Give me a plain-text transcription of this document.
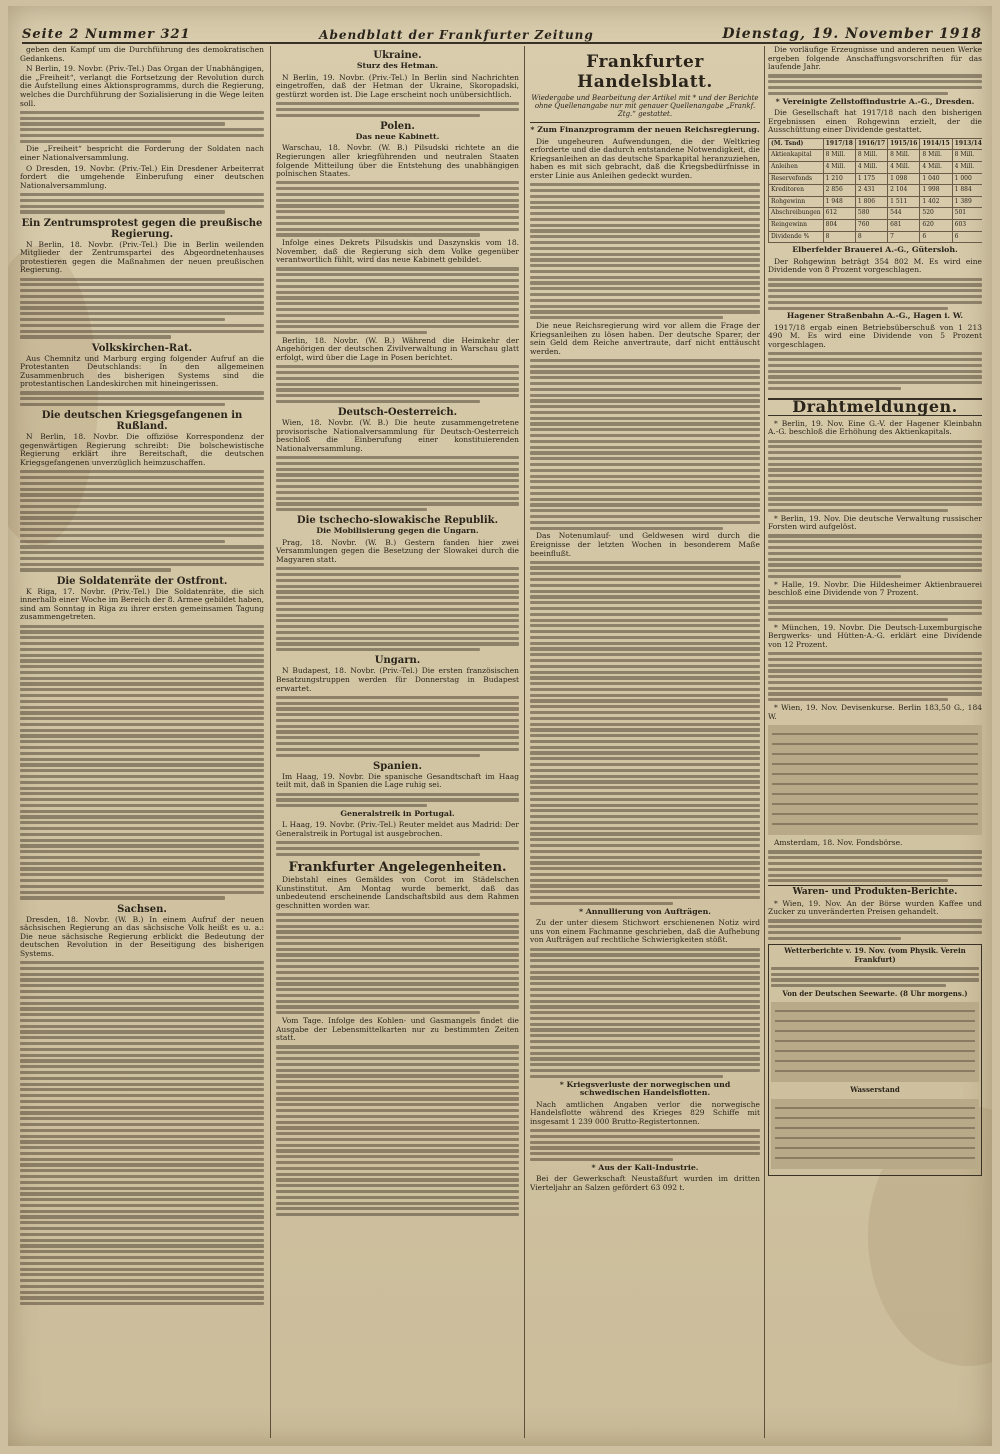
Seite 2 Nummer 321	Abendblatt der Frankfurter Zeitung	Dienstag, 19. November 1918

geben den Kampf um die Durchführung des demokratischen Gedankens.

N Berlin, 19. Novbr. (Priv.-Tel.) Das Organ der Unabhängigen, die „Freiheit“, verlangt die Fortsetzung der Revolution durch die Aufstellung eines Aktionsprogramms, durch die Regierung, welches die Durchführung der Sozialisierung in die Wege leiten soll.

Die „Freiheit“ bespricht die Forderung der Soldaten nach einer Nationalversammlung.

O Dresden, 19. Novbr. (Priv.-Tel.) Ein Dresdener Arbeiterrat fordert die umgehende Einberufung einer deutschen Nationalversammlung.

Ein Zentrumsprotest gegen die preußische Regierung.

N Berlin, 18. Novbr. (Priv.-Tel.) Die in Berlin weilenden Mitglieder der Zentrumspartei des Abgeordnetenhauses protestieren gegen die Maßnahmen der neuen preußischen Regierung.

Volkskirchen-Rat.

Aus Chemnitz und Marburg erging folgender Aufruf an die Protestanten Deutschlands: In den allgemeinen Zusammenbruch des bisherigen Systems sind die protestantischen Landeskirchen mit hineingerissen.

Die deutschen Kriegsgefangenen in Rußland.

N Berlin, 18. Novbr. Die offiziöse Korrespondenz der gegenwärtigen Regierung schreibt: Die bolschewistische Regierung erklärt ihre Bereitschaft, die deutschen Kriegsgefangenen unverzüglich heimzuschaffen.

Die Soldatenräte der Ostfront.

K Riga, 17. Novbr. (Priv.-Tel.) Die Soldatenräte, die sich innerhalb einer Woche im Bereich der 8. Armee gebildet haben, sind am Sonntag in Riga zu ihrer ersten gemeinsamen Tagung zusammengetreten.

Sachsen.

Dresden, 18. Novbr. (W. B.) In einem Aufruf der neuen sächsischen Regierung an das sächsische Volk heißt es u. a.: Die neue sächsische Regierung erblickt die Bedeutung der deutschen Revolution in der Beseitigung des bisherigen Systems.

Ukraine.
Sturz des Hetman.

N Berlin, 19. Novbr. (Priv.-Tel.) In Berlin sind Nachrichten eingetroffen, daß der Hetman der Ukraine, Skoropadski, gestürzt worden ist. Die Lage erscheint noch unübersichtlich.

Polen.
Das neue Kabinett.

Warschau, 18. Novbr. (W. B.) Pilsudski richtete an die Regierungen aller kriegführenden und neutralen Staaten folgende Mitteilung über die Entstehung des unabhängigen polnischen Staates.

Infolge eines Dekrets Pilsudskis und Daszynskis vom 18. November, daß die Regierung sich dem Volke gegenüber verantwortlich fühlt, wird das neue Kabinett gebildet.

Berlin, 18. Novbr. (W. B.) Während die Heimkehr der Angehörigen der deutschen Zivilverwaltung in Warschau glatt erfolgt, wird über die Lage in Posen berichtet.

Deutsch-Oesterreich.

Wien, 18. Novbr. (W. B.) Die heute zusammengetretene provisorische Nationalversammlung für Deutsch-Oesterreich beschloß die Einberufung einer konstituierenden Nationalversammlung.

Die tschecho-slowakische Republik.
Die Mobilisierung gegen die Ungarn.

Prag, 18. Novbr. (W. B.) Gestern fanden hier zwei Versammlungen gegen die Besetzung der Slowakei durch die Magyaren statt.

Ungarn.

N Budapest, 18. Novbr. (Priv.-Tel.) Die ersten französischen Besatzungstruppen werden für Donnerstag in Budapest erwartet.

Spanien.

Im Haag, 19. Novbr. Die spanische Gesandtschaft im Haag teilt mit, daß in Spanien die Lage ruhig sei.

Generalstreik in Portugal.

L Haag, 19. Novbr. (Priv.-Tel.) Reuter meldet aus Madrid: Der Generalstreik in Portugal ist ausgebrochen.

Frankfurter Angelegenheiten.

Diebstahl eines Gemäldes von Corot im Städelschen Kunstinstitut. Am Montag wurde bemerkt, daß das unbedeutend erscheinende Landschaftsbild aus dem Rahmen geschnitten worden war.

Vom Tage. Infolge des Kohlen- und Gasmangels findet die Ausgabe der Lebensmittelkarten nur zu bestimmten Zeiten statt.

Frankfurter Handelsblatt.
Wiedergabe und Bearbeitung der Artikel mit * und der Berichte ohne Quellenangabe nur mit genauer Quellenangabe „Frankf. Ztg.“ gestattet.
* Zum Finanzprogramm der neuen Reichsregierung.

Die ungeheuren Aufwendungen, die der Weltkrieg erforderte und die dadurch entstandene Notwendigkeit, die Kriegsanleihen an das deutsche Sparkapital heranzuziehen, haben es mit sich gebracht, daß die Kriegsbedürfnisse in erster Linie aus Anleihen gedeckt wurden.

Die neue Reichsregierung wird vor allem die Frage der Kriegsanleihen zu lösen haben. Der deutsche Sparer, der sein Geld dem Reiche anvertraute, darf nicht enttäuscht werden.

Das Notenumlauf- und Geldwesen wird durch die Ereignisse der letzten Wochen in besonderem Maße beeinflußt.

* Annullierung von Aufträgen.

Zu der unter diesem Stichwort erschienenen Notiz wird uns von einem Fachmanne geschrieben, daß die Aufhebung von Aufträgen auf rechtliche Schwierigkeiten stößt.

* Kriegsverluste der norwegischen und schwedischen Handelsflotten.

Nach amtlichen Angaben verlor die norwegische Handelsflotte während des Krieges 829 Schiffe mit insgesamt 1 239 000 Brutto-Registertonnen.

* Aus der Kali-Industrie.

Bei der Gewerkschaft Neustaßfurt wurden im dritten Vierteljahr an Salzen gefördert 63 092 t.

Die vorläufige Erzeugnisse und anderen neuen Werke ergeben folgende Anschaffungsvorschriften für das laufende Jahr.

* Vereinigte Zellstoffindustrie A.-G., Dresden.

Die Gesellschaft hat 1917/18 nach den bisherigen Ergebnissen einen Rohgewinn erzielt, der die Ausschüttung einer Dividende gestattet.

(M. Tsnd)	1917/18	1916/17	1915/16	1914/15	1913/14
Aktienkapital	8 Mill.	8 Mill.	8 Mill.	8 Mill.	8 Mill.
Anleihen	4 Mill.	4 Mill.	4 Mill.	4 Mill.	4 Mill.
Reservefonds	1 210	1 175	1 098	1 040	1 000
Kreditoren	2 856	2 431	2 104	1 998	1 884
Rohgewinn	1 948	1 806	1 511	1 402	1 389
Abschreibungen	612	580	544	520	501
Reingewinn	804	760	681	620	603
Dividende %	8	8	7	6	6
Elberfelder Brauerei A.-G., Gütersloh.

Der Rohgewinn beträgt 354 802 M. Es wird eine Dividende von 8 Prozent vorgeschlagen.

Hagener Straßenbahn A.-G., Hagen i. W.

1917/18 ergab einen Betriebsüberschuß von 1 213 490 M. Es wird eine Dividende von 5 Prozent vorgeschlagen.

Drahtmeldungen.

* Berlin, 19. Nov. Eine G.-V. der Hagener Kleinbahn A.-G. beschloß die Erhöhung des Aktienkapitals.

* Berlin, 19. Nov. Die deutsche Verwaltung russischer Forsten wird aufgelöst.

* Halle, 19. Novbr. Die Hildesheimer Aktienbrauerei beschloß eine Dividende von 7 Prozent.

* München, 19. Novbr. Die Deutsch-Luxemburgische Bergwerks- und Hütten-A.-G. erklärt eine Dividende von 12 Prozent.

* Wien, 19. Nov. Devisenkurse. Berlin 183,50 G., 184 W.

Amsterdam, 18. Nov. Fondsbörse.

Waren- und Produkten-Berichte.

* Wien, 19. Nov. An der Börse wurden Kaffee und Zucker zu unveränderten Preisen gehandelt.

Wetterberichte v. 19. Nov. (vom Physik. Verein Frankfurt)
Von der Deutschen Seewarte. (8 Uhr morgens.)
Wasserstand
